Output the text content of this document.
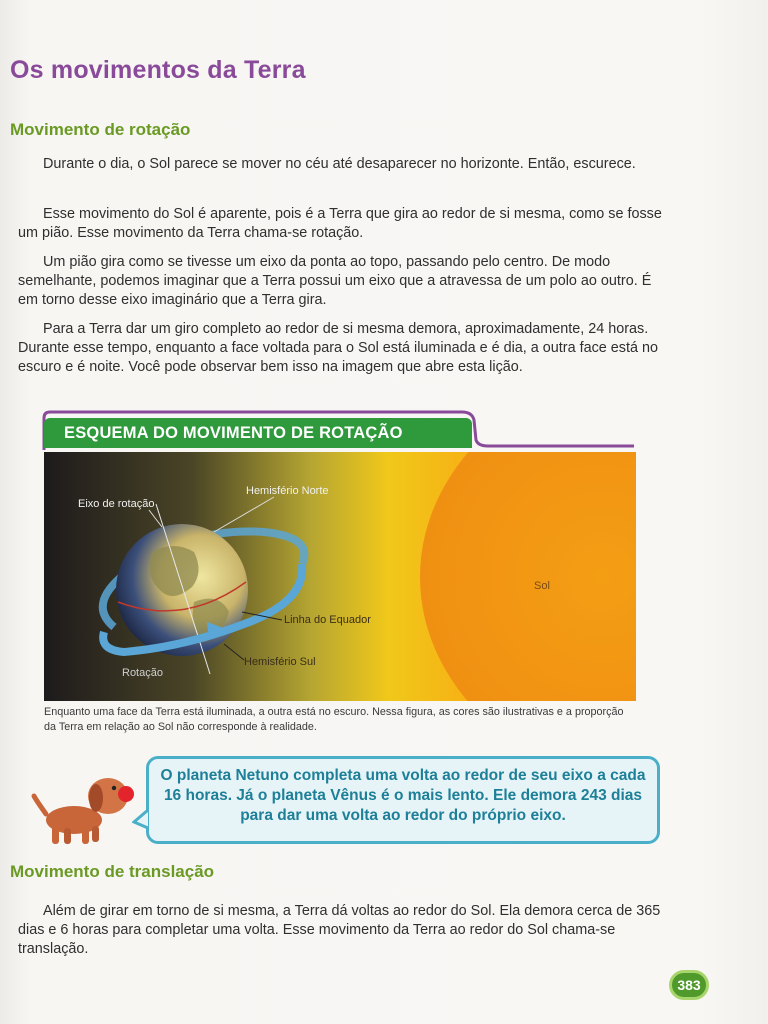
Os movimentos da Terra
Movimento de rotação

Durante o dia, o Sol parece se mover no céu até desaparecer no horizonte. Então, escurece.

Esse movimento do Sol é aparente, pois é a Terra que gira ao redor de si mesma, como se fosse um pião. Esse movimento da Terra chama-se rotação.

Um pião gira como se tivesse um eixo da ponta ao topo, passando pelo centro. De modo semelhante, podemos imaginar que a Terra possui um eixo que a atravessa de um polo ao outro. É em torno desse eixo imaginário que a Terra gira.

Para a Terra dar um giro completo ao redor de si mesma demora, aproximadamente, 24 horas. Durante esse tempo, enquanto a face voltada para o Sol está iluminada e é dia, a outra face está no escuro e é noite. Você pode observar bem isso na imagem que abre esta lição.

ESQUEMA DO MOVIMENTO DE ROTAÇÃO
Eixo de rotação
Hemisfério Norte
Linha do Equador
Hemisfério Sul
Rotação
Sol
Enquanto uma face da Terra está iluminada, a outra está no escuro. Nessa figura, as cores são ilustrativas e a proporção da Terra em relação ao Sol não corresponde à realidade.
O planeta Netuno completa uma volta ao redor de seu eixo a cada 16 horas. Já o planeta Vênus é o mais lento. Ele demora 243 dias para dar uma volta ao redor do próprio eixo.
Movimento de translação

Além de girar em torno de si mesma, a Terra dá voltas ao redor do Sol. Ela demora cerca de 365 dias e 6 horas para completar uma volta. Esse movimento da Terra ao redor do Sol chama-se translação.

383
